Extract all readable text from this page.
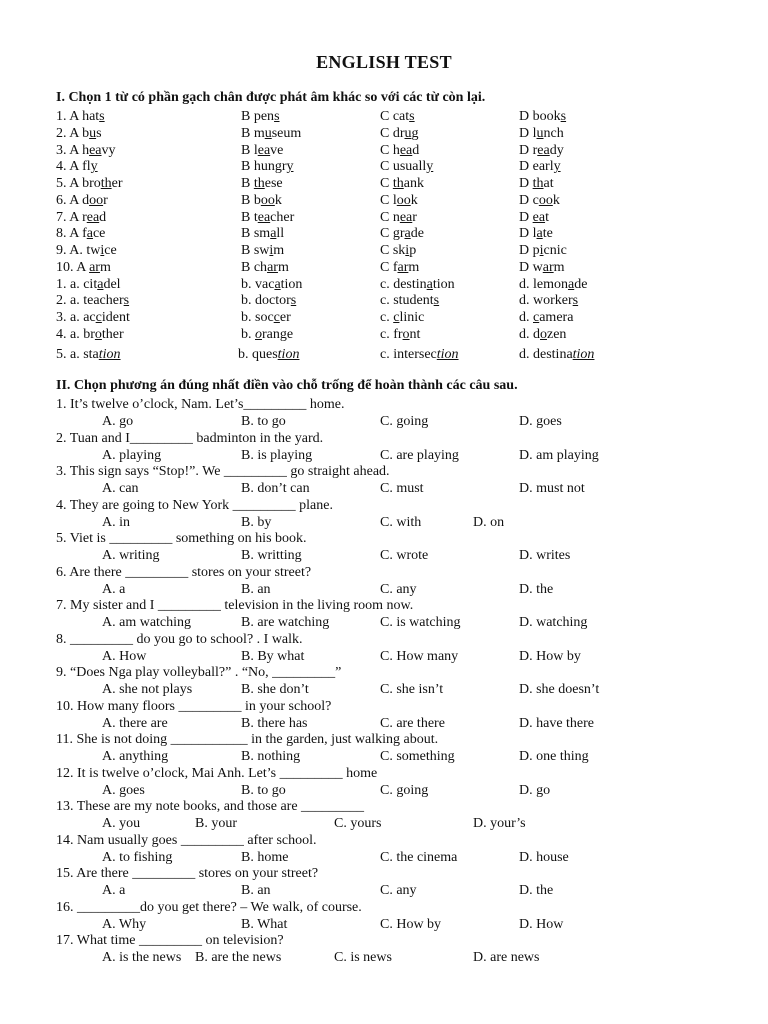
ENGLISH TEST
I. Chọn 1 từ có phần gạch chân được phát âm khác so với các từ còn lại.
1. A hats	B pens	C cats	D books
2. A bus	B museum	C drug	D lunch
3. A heavy	B leave	C head	D ready
4. A fly	B hungry	C usually	D early
5. A brother	B these	C thank	D that
6. A door	B book	C look	D cook
7. A read	B teacher	C near	D eat
8. A face	B small	C grade	D late
9. A. twice	B swim	C skip	D picnic
10. A arm	B charm	C farm	D warm
1. a. citadel	b. vacation	c. destination	d. lemonade
2. a. teachers	b. doctors	c. students	d. workers
3. a. accident	b. soccer	c. clinic	d. camera
4. a. brother	b. orange	c. front	d. dozen
5. a. station	b. question	c. intersection	d. destination
II. Chọn phương án đúng nhất điền vào chỗ trống để hoàn thành các câu sau.
1. It’s twelve o’clock, Nam. Let’s_________ home.
A. go	B. to go	C. going	D. goes
2. Tuan and I_________ badminton in the yard.
A. playing	B. is playing	C. are playing	D. am playing
3. This sign says “Stop!”. We _________ go straight ahead.
A. can	B. don’t can	C. must	D. must not
4. They are going to New York _________ plane.
A. in	B. by	C. with	D. on
5. Viet is _________ something on his book.
A. writing	B. writting	C. wrote	D. writes
6. Are there _________ stores on your street?
A. a	B. an	C. any	D. the
7. My sister and I _________ television in the living room now.
A. am watching	B. are watching	C. is watching	D. watching
8. _________ do you go to school? . I walk.
A. How	B. By what	C. How many	D. How by
9. “Does Nga play volleyball?” . “No, _________”
A. she not plays	B. she don’t	C. she isn’t	D. she doesn’t
10. How many floors _________ in your school?
A. there are	B. there has	C. are there	D. have there
11. She is not doing ___________ in the garden, just walking about.
A. anything	B. nothing	C. something	D. one thing
12. It is twelve o’clock, Mai Anh. Let’s _________ home
A. goes	B. to go	C. going	D. go
13. These are my note books, and those are _________
A. you	B. your	C. yours	D. your’s
14. Nam usually goes _________ after school.
A. to fishing	B. home	C. the cinema	D. house
15. Are there _________ stores on your street?
A. a	B. an	C. any	D. the
16. _________do you get there? – We walk, of course.
A. Why	B. What	C. How by	D. How
17. What time _________ on television?
A. is the news B. are the news	C. is news	D. are news
